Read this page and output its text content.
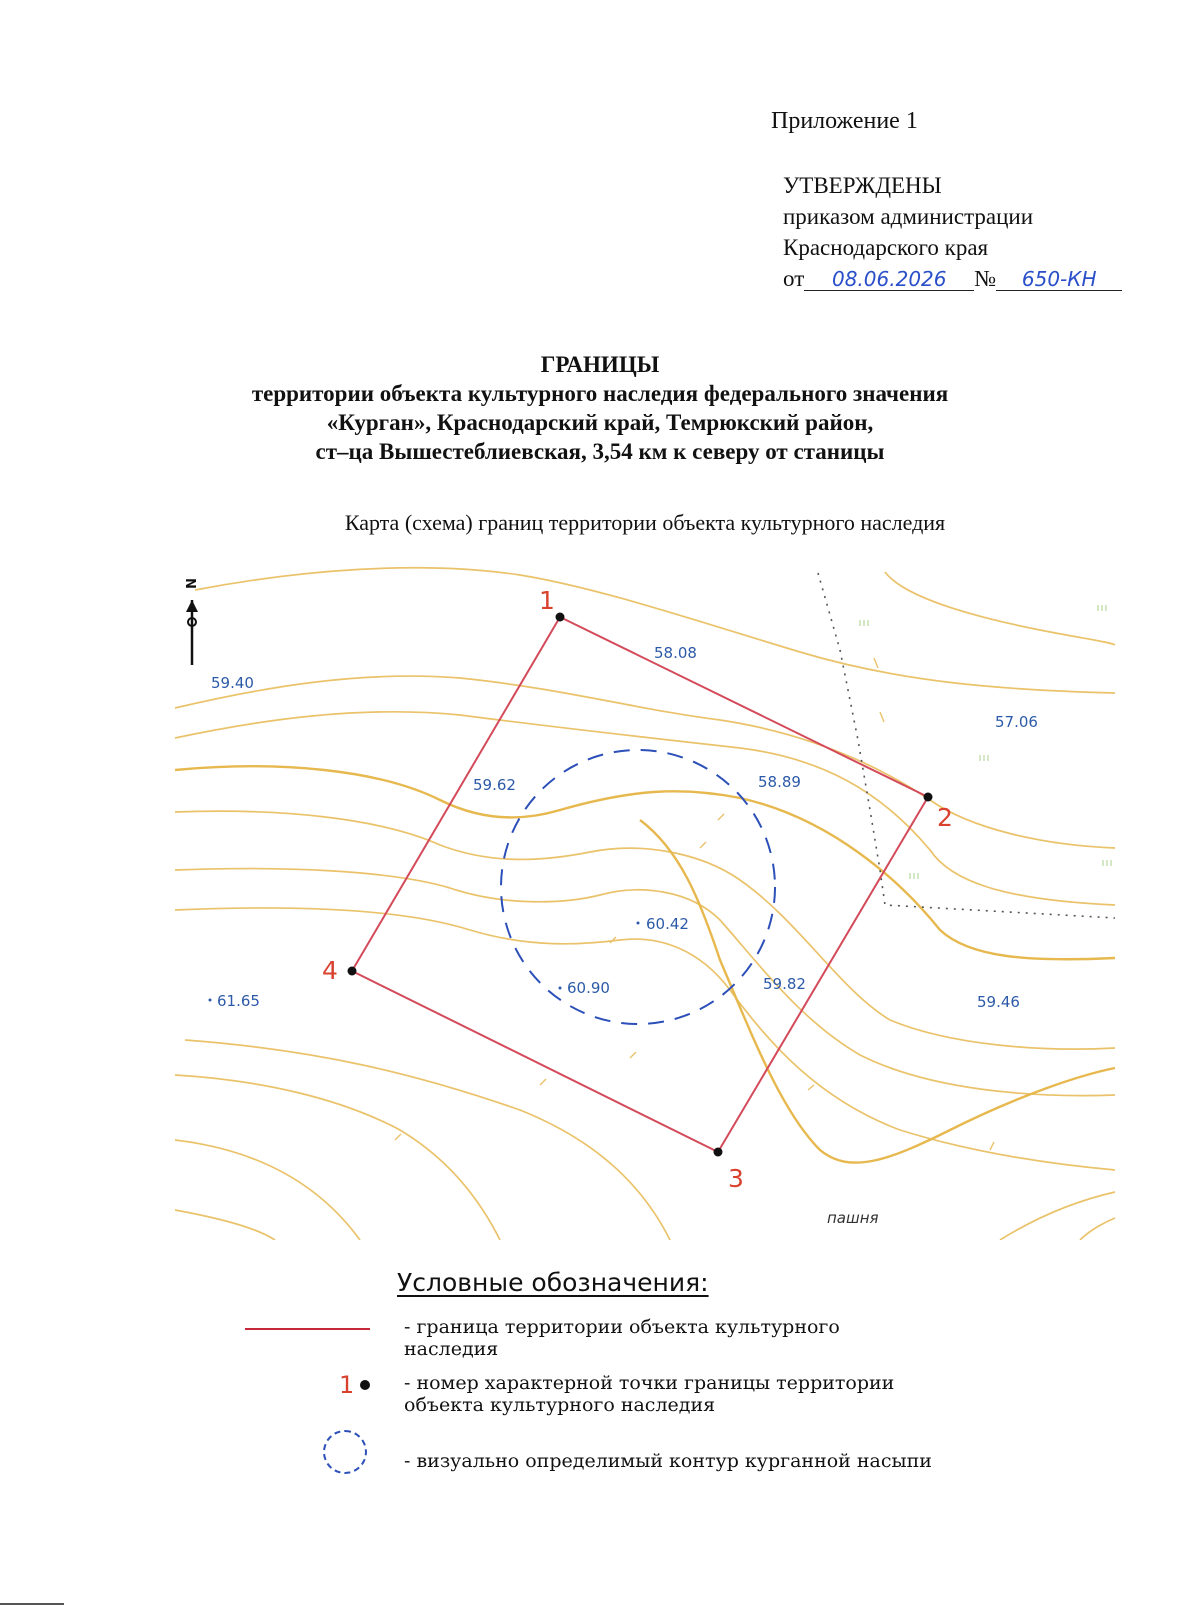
Приложение 1
УТВЕРЖДЕНЫ
приказом администрации
Краснодарского края
от 08.06.2026 № 650-КН
ГРАНИЦЫ
территории объекта культурного наследия федерального значения
«Курган», Краснодарский край, Темрюкский район,
ст–ца Вышестеблиевская, 3,54 км к северу от станицы
Карта (схема) границ территории объекта культурного наследия
N
1
2
3
4
59.40
58.08
57.06
59.62	58.89
60.42
60.90	59.82
61.65	59.46
пашня
Условные обозначения:
- граница территории объекта культурного
наследия
1	- номер характерной точки границы территории
объекта культурного наследия
- визуально определимый контур курганной насыпи
